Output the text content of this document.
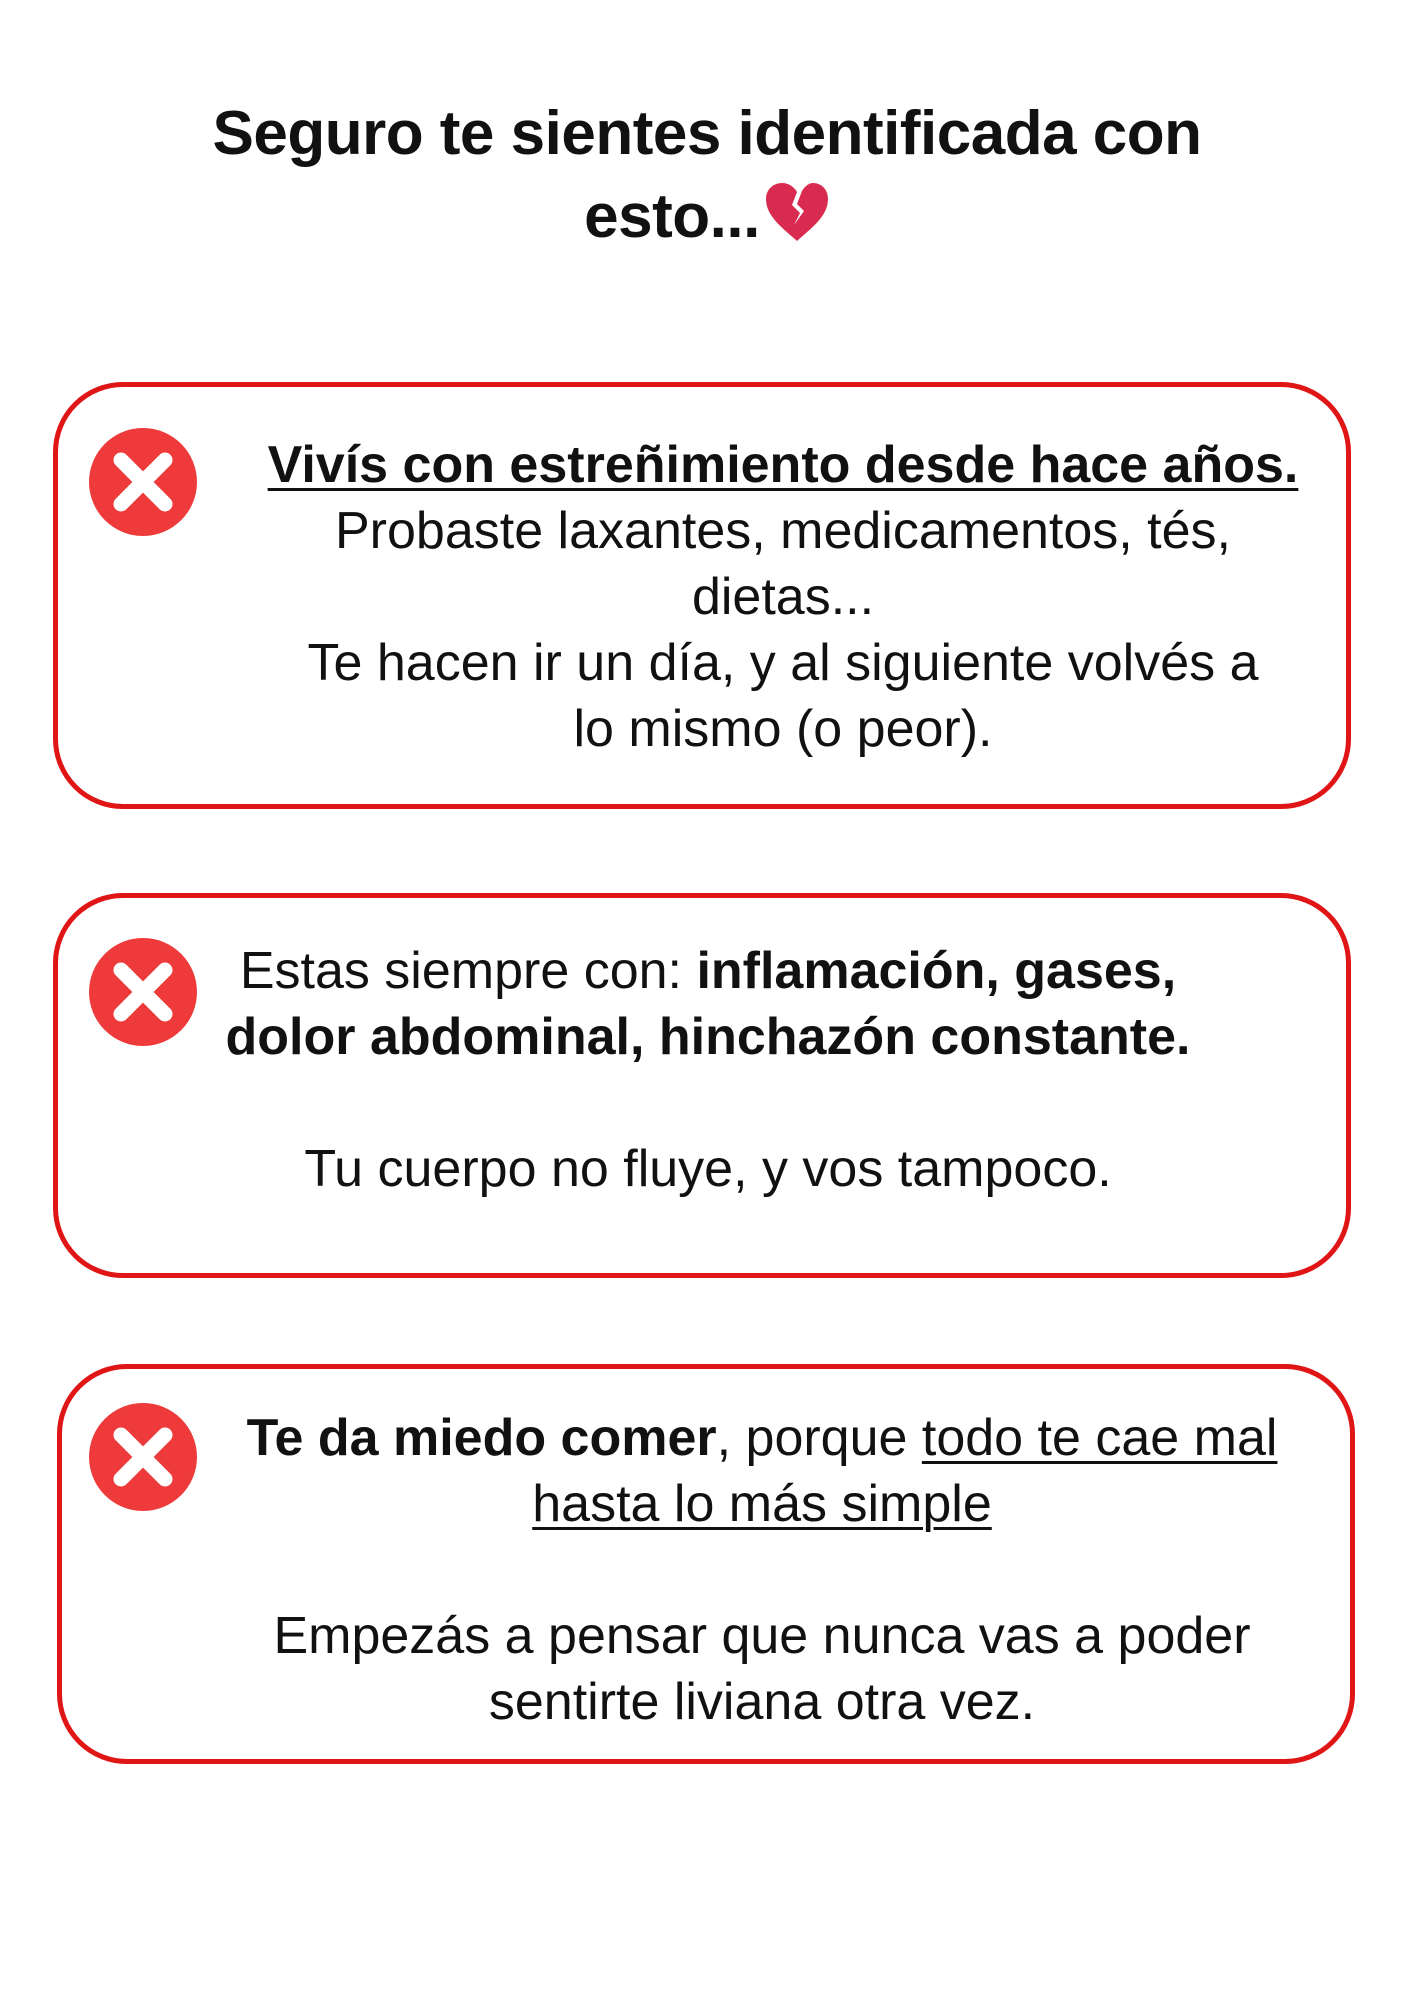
Seguro te sientes identificada con
esto...
Vivís con estreñimiento desde hace años.
Probaste laxantes, medicamentos, tés,
dietas...
Te hacen ir un día, y al siguiente volvés a
lo mismo (o peor).
Estas siempre con: inflamación, gases,
dolor abdominal, hinchazón constante.
Tu cuerpo no fluye, y vos tampoco.
Te da miedo comer, porque todo te cae mal
hasta lo más simple
Empezás a pensar que nunca vas a poder
sentirte liviana otra vez.
